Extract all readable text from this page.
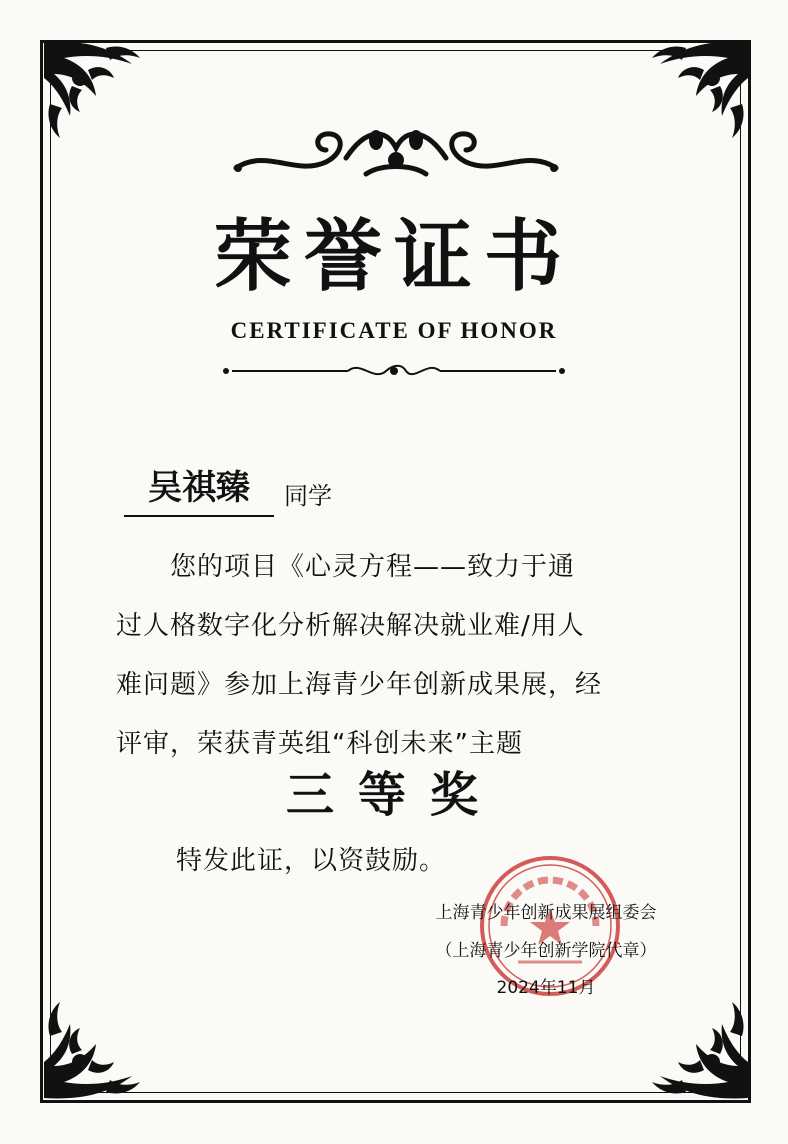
荣誉证书
CERTIFICATE OF HONOR
吴祺臻	同学
您的项目《心灵方程——致力于通
过人格数字化分析解决解决就业难/用人
难问题》参加上海青少年创新成果展，经
评审，荣获青英组“科创未来”主题
三等奖
特发此证，以资鼓励。
上海青少年创新成果展组委会
（上海青少年创新学院代章）
2024年11月
